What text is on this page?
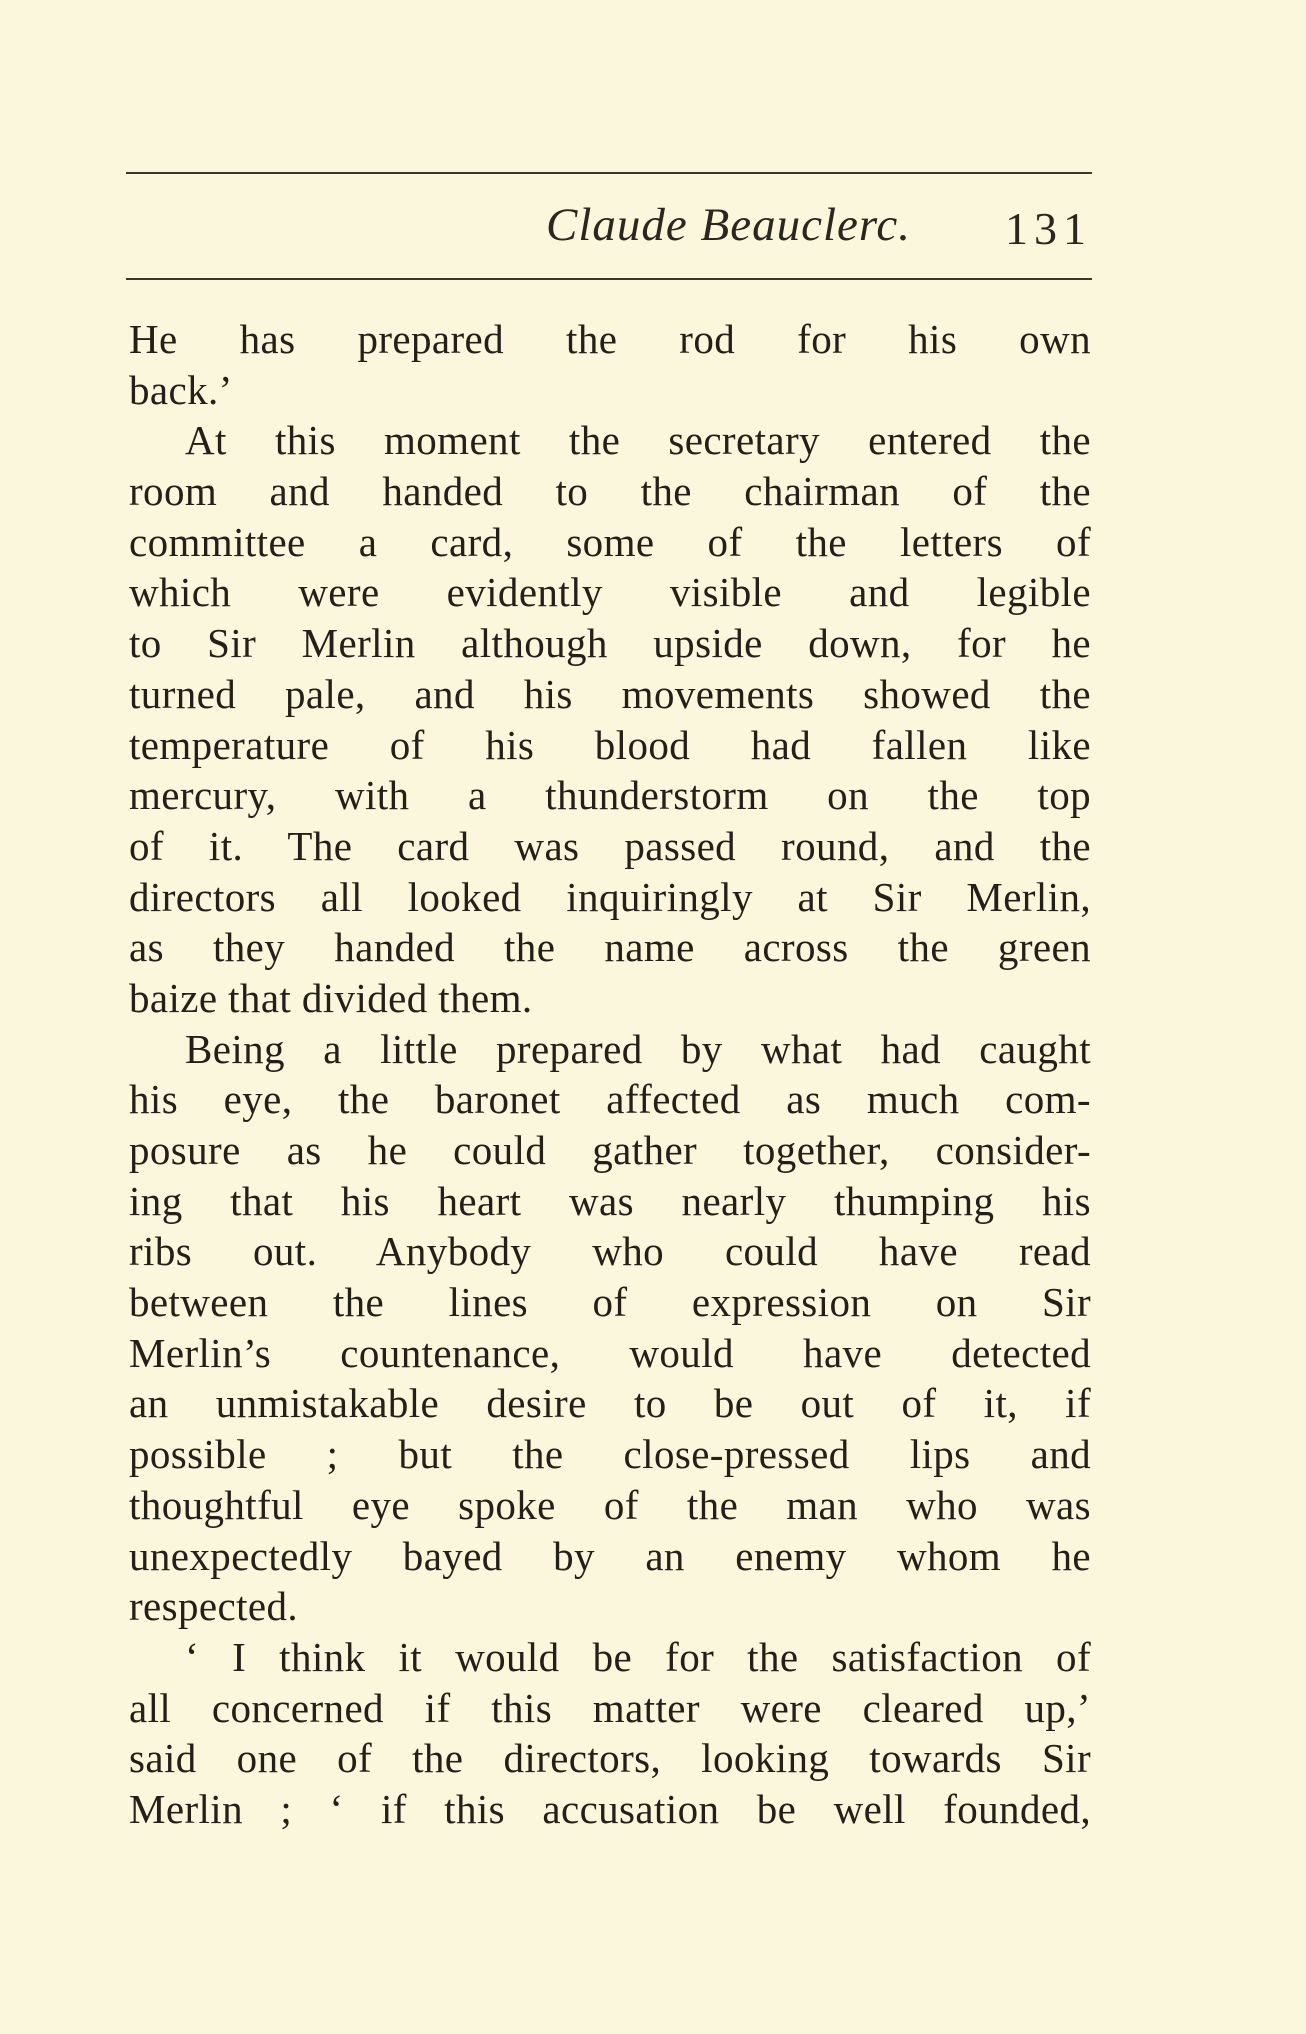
Claude Beauclerc. 131
He has prepared the rod for his own
back.’
At this moment the secretary entered the
room and handed to the chairman of the
committee a card, some of the letters of
which were evidently visible and legible
to Sir Merlin although upside down, for he
turned pale, and his movements showed the
temperature of his blood had fallen like
mercury, with a thunderstorm on the top
of it. The card was passed round, and the
directors all looked inquiringly at Sir Merlin,
as they handed the name across the green
baize that divided them.
Being a little prepared by what had caught
his eye, the baronet affected as much com-
posure as he could gather together, consider-
ing that his heart was nearly thumping his
ribs out. Anybody who could have read
between the lines of expression on Sir
Merlin’s countenance, would have detected
an unmistakable desire to be out of it, if
possible ; but the close-pressed lips and
thoughtful eye spoke of the man who was
unexpectedly bayed by an enemy whom he
respected.
‘ I think it would be for the satisfaction of
all concerned if this matter were cleared up,’
said one of the directors, looking towards Sir
Merlin ; ‘ if this accusation be well founded,
